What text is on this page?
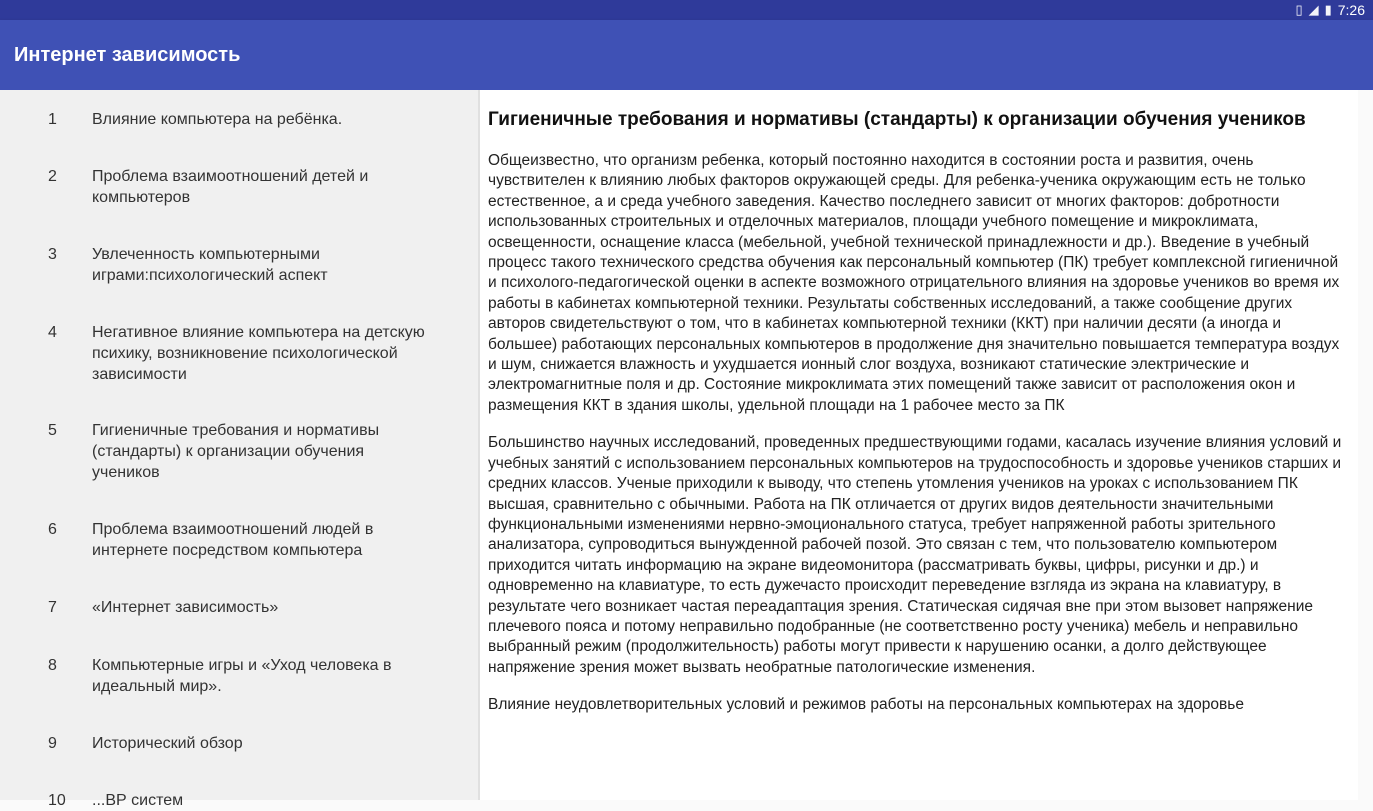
▯ ◢ ▮ 7:26
Интернет зависимость
1	Влияние компьютера на ребёнка.
2	Проблема взаимоотношений детей и компьютеров
3	Увлеченность компьютерными играми:психологический аспект
4	Негативное влияние компьютера на детскую психику, возникновение психологической зависимости
5	Гигиеничные требования и нормативы (стандарты) к организации обучения учеников
6	Проблема взаимоотношений людей в интернете посредством компьютера
7	«Интернет зависимость»
8	Компьютерные игры и «Уход человека в идеальный мир».
9	Исторический обзор
10	...ВР систем
Гигиеничные требования и нормативы (стандарты) к организации обучения учеников

Общеизвестно, что организм ребенка, который постоянно находится в состоянии роста и развития, очень чувствителен к влиянию любых факторов окружающей среды. Для ребенка-ученика окружающим есть не только естественное, а и среда учебного заведения. Качество последнего зависит от многих факторов: добротности использованных строительных и отделочных материалов, площади учебного помещение и микроклимата, освещенности, оснащение класса (мебельной, учебной технической принадлежности и др.). Введение в учебный процесс такого технического средства обучения как персональный компьютер (ПК) требует комплексной гигиеничной и психолого-педагогической оценки в аспекте возможного отрицательного влияния на здоровье учеников во время их работы в кабинетах компьютерной техники. Результаты собственных исследований, а также сообщение других авторов свидетельствуют о том, что в кабинетах компьютерной техники (ККТ) при наличии десяти (а иногда и большее) работающих персональных компьютеров в продолжение дня значительно повышается температура воздух и шум, снижается влажность и ухудшается ионный слог воздуха, возникают статические электрические и электромагнитные поля и др. Состояние микроклимата этих помещений также зависит от расположения окон и размещения ККТ в здания школы, удельной площади на 1 рабочее место за ПК

Большинство научных исследований, проведенных предшествующими годами, касалась изучение влияния условий и учебных занятий с использованием персональных компьютеров на трудоспособность и здоровье учеников старших и средних классов. Ученые приходили к выводу, что степень утомления учеников на уроках с использованием ПК высшая, сравнительно с обычными. Работа на ПК отличается от других видов деятельности значительными функциональными изменениями нервно-эмоционального статуса, требует напряженной работы зрительного анализатора, супроводиться вынужденной рабочей позой. Это связан с тем, что пользователю компьютером приходится читать информацию на экране видеомонитора (рассматривать буквы, цифры, рисунки и др.) и одновременно на клавиатуре, то есть дужечасто происходит переведение взгляда из экрана на клавиатуру, в результате чего возникает частая переадаптация зрения. Статическая сидячая вне при этом вызовет напряжение плечевого пояса и потому неправильно подобранные (не соответственно росту ученика) мебель и неправильно выбранный режим (продолжительность) работы могут привести к нарушению осанки, а долго действующее напряжение зрения может вызвать необратные патологические изменения.

Влияние неудовлетворительных условий и режимов работы на персональных компьютерах на здоровье
